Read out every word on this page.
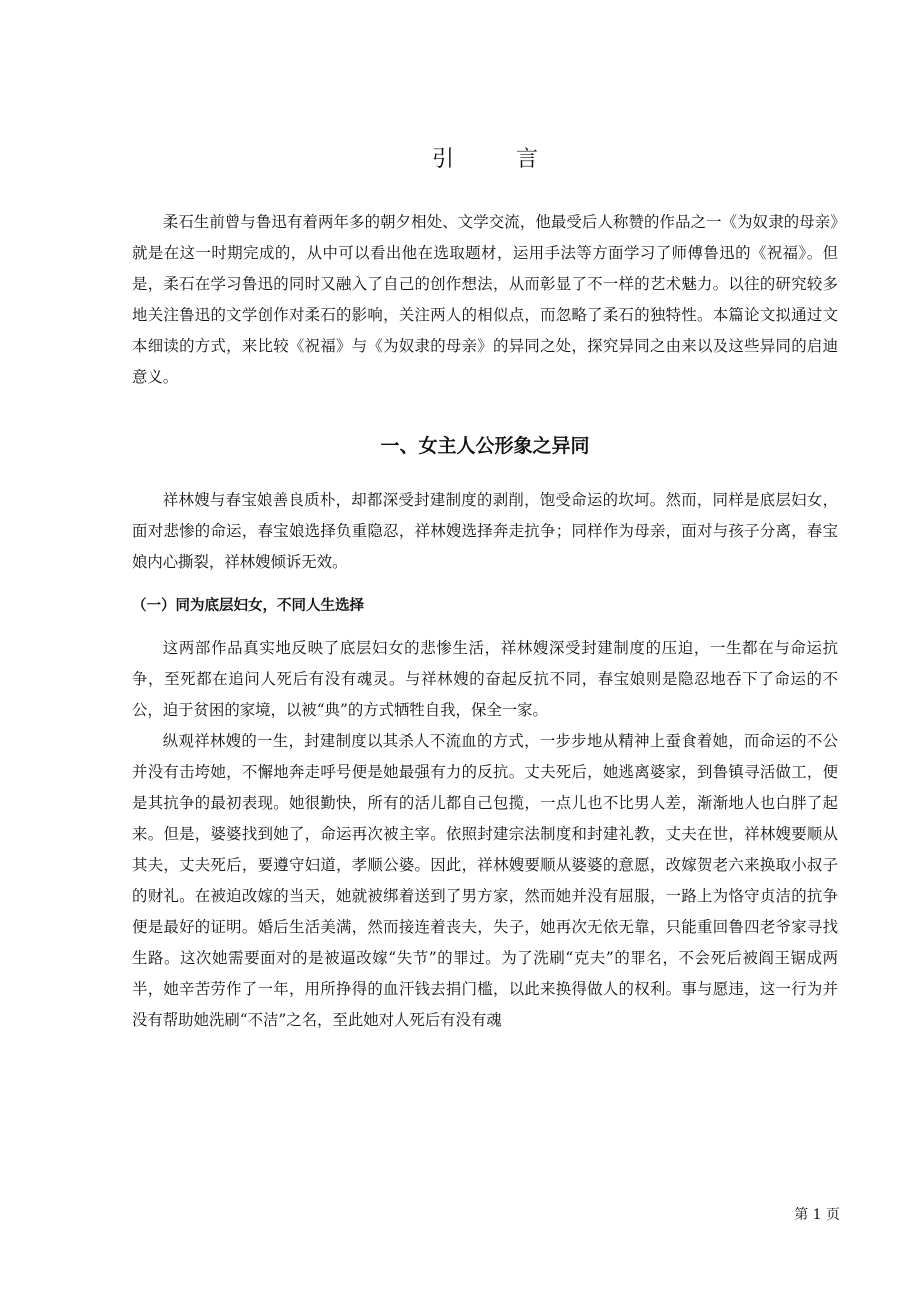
引　言

柔石生前曾与鲁迅有着两年多的朝夕相处、文学交流，他最受后人称赞的作品之一《为奴隶的母亲》就是在这一时期完成的，从中可以看出他在选取题材，运用手法等方面学习了师傅鲁迅的《祝福》。但是，柔石在学习鲁迅的同时又融入了自己的创作想法，从而彰显了不一样的艺术魅力。以往的研究较多地关注鲁迅的文学创作对柔石的影响，关注两人的相似点，而忽略了柔石的独特性。本篇论文拟通过文本细读的方式，来比较《祝福》与《为奴隶的母亲》的异同之处，探究异同之由来以及这些异同的启迪意义。

一、女主人公形象之异同

祥林嫂与春宝娘善良质朴，却都深受封建制度的剥削，饱受命运的坎坷。然而，同样是底层妇女，面对悲惨的命运，春宝娘选择负重隐忍，祥林嫂选择奔走抗争；同样作为母亲，面对与孩子分离，春宝娘内心撕裂，祥林嫂倾诉无效。

（一）同为底层妇女，不同人生选择

这两部作品真实地反映了底层妇女的悲惨生活，祥林嫂深受封建制度的压迫，一生都在与命运抗争，至死都在追问人死后有没有魂灵。与祥林嫂的奋起反抗不同，春宝娘则是隐忍地吞下了命运的不公，迫于贫困的家境，以被“典”的方式牺牲自我，保全一家。

纵观祥林嫂的一生，封建制度以其杀人不流血的方式，一步步地从精神上蚕食着她，而命运的不公并没有击垮她，不懈地奔走呼号便是她最强有力的反抗。丈夫死后，她逃离婆家，到鲁镇寻活做工，便是其抗争的最初表现。她很勤快，所有的活儿都自己包揽，一点儿也不比男人差，渐渐地人也白胖了起来。但是，婆婆找到她了，命运再次被主宰。依照封建宗法制度和封建礼教，丈夫在世，祥林嫂要顺从其夫，丈夫死后，要遵守妇道，孝顺公婆。因此，祥林嫂要顺从婆婆的意愿，改嫁贺老六来换取小叔子的财礼。在被迫改嫁的当天，她就被绑着送到了男方家，然而她并没有屈服，一路上为恪守贞洁的抗争便是最好的证明。婚后生活美满，然而接连着丧夫，失子，她再次无依无靠，只能重回鲁四老爷家寻找生路。这次她需要面对的是被逼改嫁“失节”的罪过。为了洗刷“克夫”的罪名，不会死后被阎王锯成两半，她辛苦劳作了一年，用所挣得的血汗钱去捐门槛，以此来换得做人的权利。事与愿违，这一行为并没有帮助她洗刷“不洁”之名，至此她对人死后有没有魂

第 1 页
